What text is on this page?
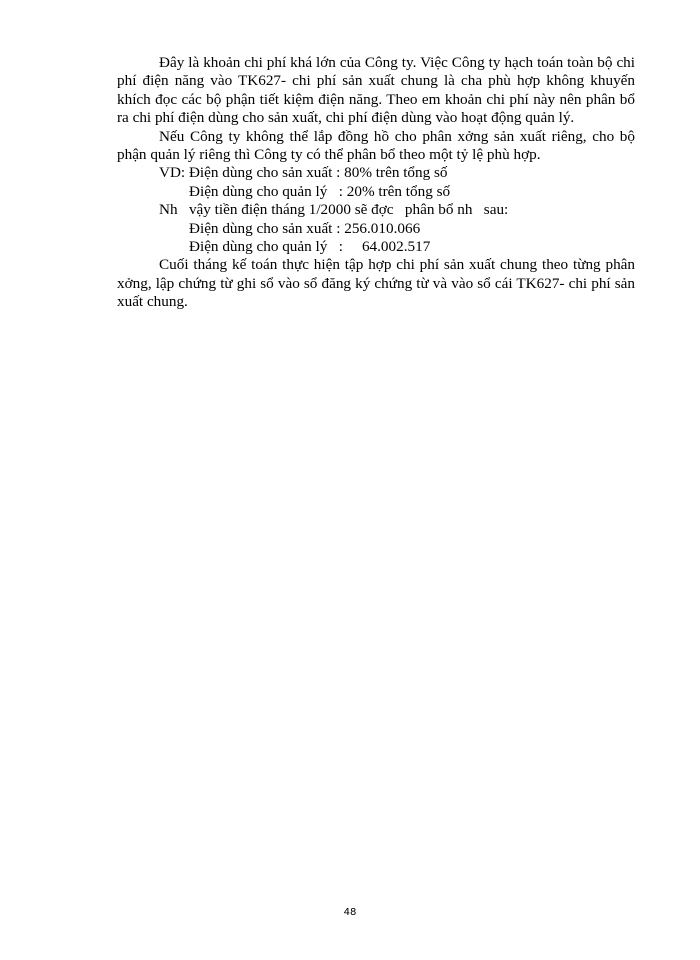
Đây là khoản chi phí khá lớn của Công ty. Việc Công ty hạch toán toàn bộ chi phí điện năng vào TK627- chi phí sản xuất chung là cha phù hợp không khuyến khích đọc các bộ phận tiết kiệm điện năng. Theo em khoản chi phí này nên phân bổ ra chi phí điện dùng cho sản xuất, chi phí điện dùng vào hoạt động quản lý.

Nếu Công ty không thể lắp đồng hồ cho phân xởng sản xuất riêng, cho bộ phận quản lý riêng thì Công ty có thể phân bổ theo một tỷ lệ phù hợp.

VD: Điện dùng cho sản xuất : 80% trên tổng số

Điện dùng cho quản lý   : 20% trên tổng số

Nh   vậy tiền điện tháng 1/2000 sẽ đợc   phân bổ nh   sau:

Điện dùng cho sản xuất : 256.010.066

Điện dùng cho quản lý   :     64.002.517

Cuối tháng kế toán thực hiện tập hợp chi phí sản xuất chung theo từng phân xởng, lập chứng từ ghi sổ vào sổ đăng ký chứng từ và vào sổ cái TK627- chi phí sản xuất chung.

48
